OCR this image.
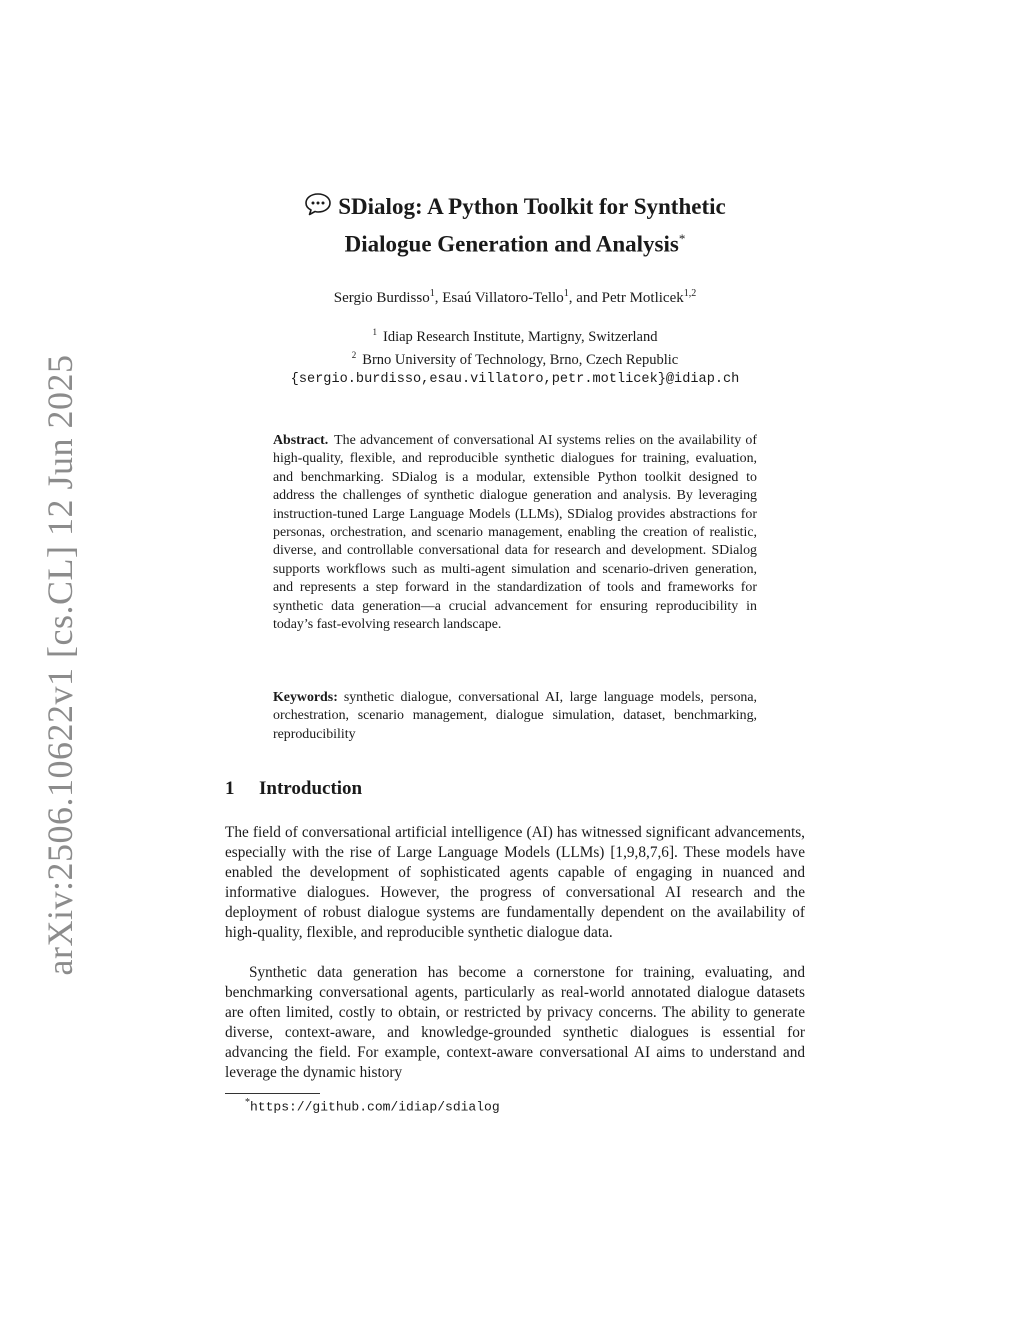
arXiv:2506.10622v1 [cs.CL] 12 Jun 2025
SDialog: A Python Toolkit for Synthetic
Dialogue Generation and Analysis*
Sergio Burdisso$^1$, Esaú Villatoro-Tello$^1$, and Petr Motlicek$^{1,2}$
$^1$ Idiap Research Institute, Martigny, Switzerland
$^2$ Brno University of Technology, Brno, Czech Republic
{sergio.burdisso,esau.villatoro,petr.motlicek}@idiap.ch

Abstract. The advancement of conversational AI systems relies on the availability of high-quality, flexible, and reproducible synthetic dialogues for training, evaluation, and benchmarking. SDialog is a modular, extensible Python toolkit designed to address the challenges of synthetic dialogue generation and analysis. By leveraging instruction-tuned Large Language Models (LLMs), SDialog provides abstractions for personas, orchestration, and scenario management, enabling the creation of realistic, diverse, and controllable conversational data for research and development. SDialog supports workflows such as multi-agent simulation and scenario-driven generation, and represents a step forward in the standardization of tools and frameworks for synthetic data generation—a crucial advancement for ensuring reproducibility in today’s fast-evolving research landscape.

Keywords: synthetic dialogue, conversational AI, large language models, persona, orchestration, scenario management, dialogue simulation, dataset, benchmarking, reproducibility

1 Introduction

The field of conversational artificial intelligence (AI) has witnessed significant advancements, especially with the rise of Large Language Models (LLMs) [1,9,8,7,6]. These models have enabled the development of sophisticated agents capable of engaging in nuanced and informative dialogues. However, the progress of conversational AI research and the deployment of robust dialogue systems are fundamentally dependent on the availability of high-quality, flexible, and reproducible synthetic dialogue data.

Synthetic data generation has become a cornerstone for training, evaluating, and benchmarking conversational agents, particularly as real-world annotated dialogue datasets are often limited, costly to obtain, or restricted by privacy concerns. The ability to generate diverse, context-aware, and knowledge-grounded synthetic dialogues is essential for advancing the field. For example, context-aware conversational AI aims to understand and leverage the dynamic history

*https://github.com/idiap/sdialog
